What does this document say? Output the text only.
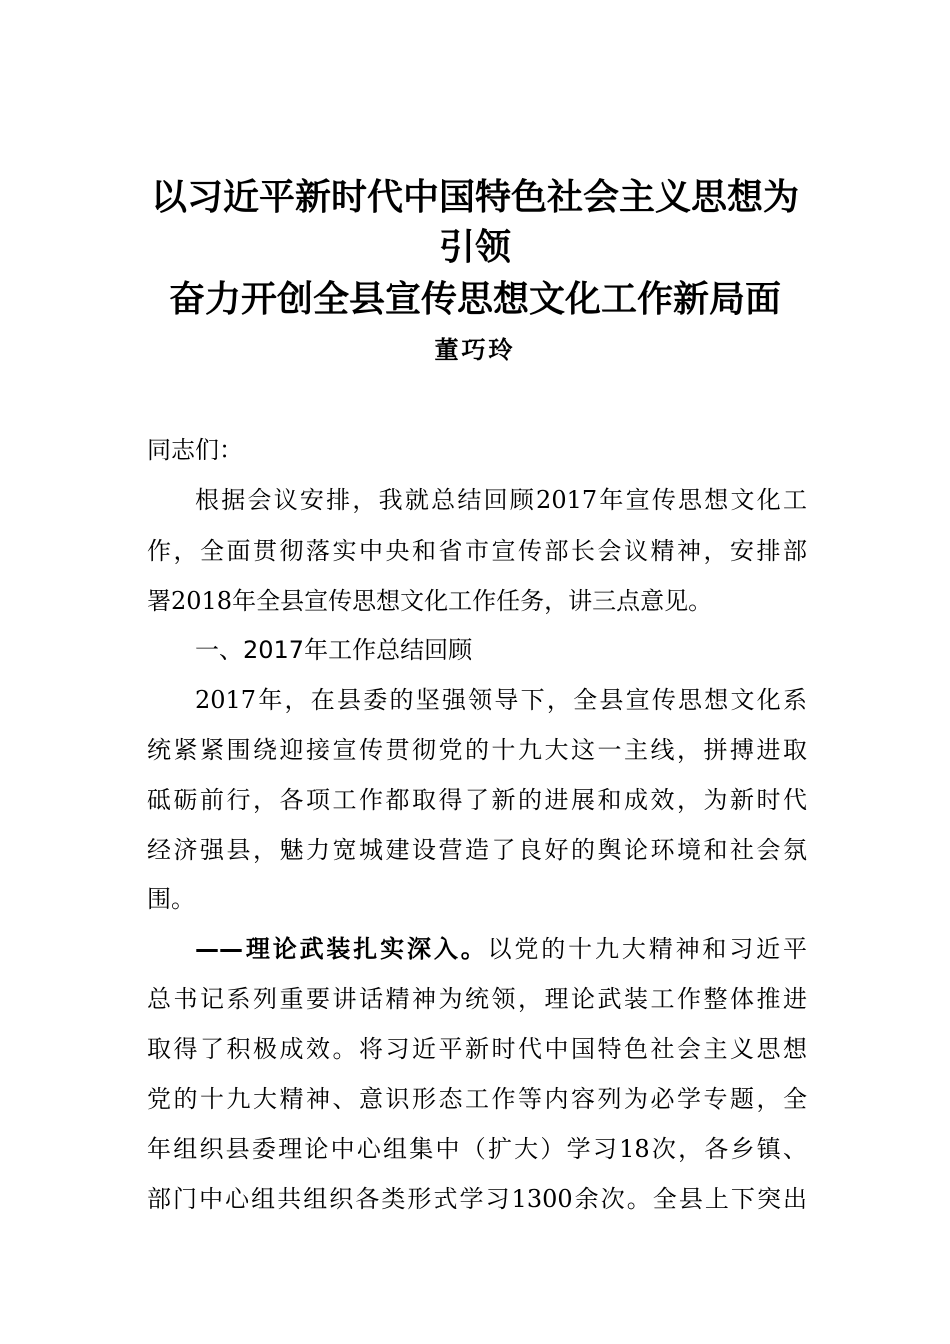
以习近平新时代中国特色社会主义思想为
引领
奋力开创全县宣传思想文化工作新局面
董巧玲
同志们：
根据会议安排，我就总结回顾2017年宣传思想文化工
作，全面贯彻落实中央和省市宣传部长会议精神，安排部
署2018年全县宣传思想文化工作任务，讲三点意见。
一、2017年工作总结回顾
2017年，在县委的坚强领导下，全县宣传思想文化系
统紧紧围绕迎接宣传贯彻党的十九大这一主线，拼搏进取
砥砺前行，各项工作都取得了新的进展和成效，为新时代
经济强县，魅力宽城建设营造了良好的舆论环境和社会氛
围。
——理论武装扎实深入。以党的十九大精神和习近平
总书记系列重要讲话精神为统领，理论武装工作整体推进
取得了积极成效。将习近平新时代中国特色社会主义思想
党的十九大精神、意识形态工作等内容列为必学专题，全
年组织县委理论中心组集中（扩大）学习18次，各乡镇、
部门中心组共组织各类形式学习1300余次。全县上下突出
